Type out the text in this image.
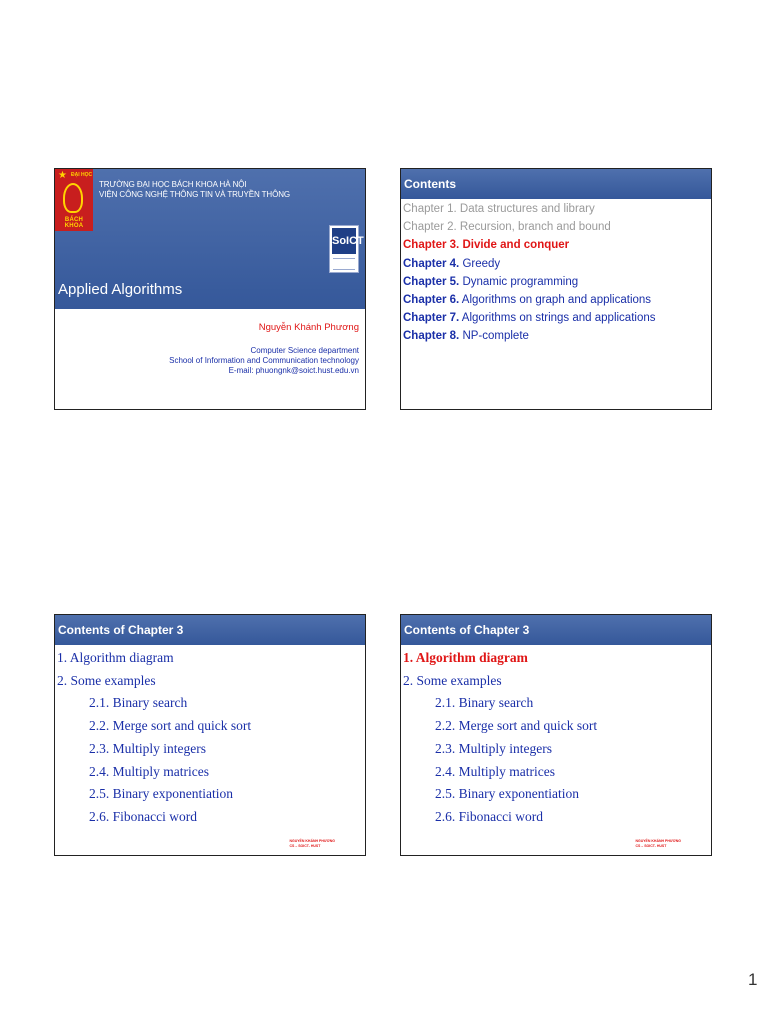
★ ĐẠI HỌC
BÁCH KHOA
TRƯỜNG ĐẠI HỌC BÁCH KHOA HÀ NỘI
VIỆN CÔNG NGHỆ THÔNG TIN VÀ TRUYỀN THÔNG
SoICT
Applied Algorithms
Nguyễn Khánh Phương
Computer Science department
School of Information and Communication technology
E-mail: phuongnk@soict.hust.edu.vn
Contents
Chapter 1. Data structures and library
Chapter 2. Recursion, branch and bound
Chapter 3. Divide and conquer
Chapter 4. Greedy
Chapter 5. Dynamic programming
Chapter 6. Algorithms on graph and applications
Chapter 7. Algorithms on strings and applications
Chapter 8. NP-complete
Contents of Chapter 3
1. Algorithm diagram
2. Some examples
2.1. Binary search
2.2. Merge sort and quick sort
2.3. Multiply integers
2.4. Multiply matrices
2.5. Binary exponentiation
2.6. Fibonacci word
NGUYỄN KHÁNH PHƯƠNG
CS – SOICT- HUST
Contents of Chapter 3
1. Algorithm diagram
2. Some examples
2.1. Binary search
2.2. Merge sort and quick sort
2.3. Multiply integers
2.4. Multiply matrices
2.5. Binary exponentiation
2.6. Fibonacci word
NGUYỄN KHÁNH PHƯƠNG
CS – SOICT- HUST
1
